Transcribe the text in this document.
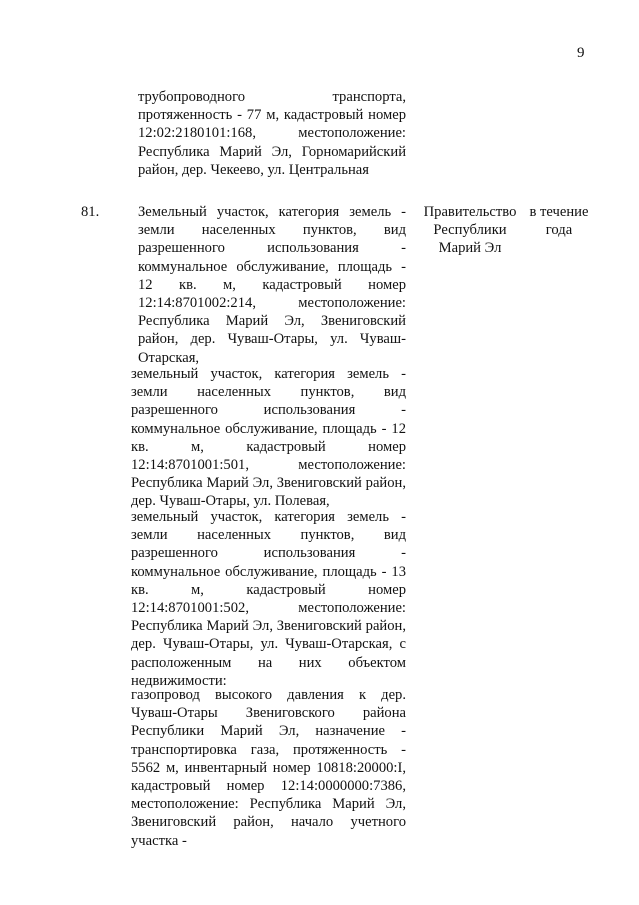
9
трубопроводного транспорта, протяженность - 77 м, кадастровый номер 12:02:2180101:168, местоположение: Республика Марий Эл, Горномарийский район, дер. Чекеево, ул. Центральная
81.	Земельный участок, категория земель - земли населенных пунктов, вид разрешенного использования - коммунальное обслуживание, площадь - 12 кв. м, кадастровый номер 12:14:8701002:214, местоположение: Республика Марий Эл, Звениговский район, дер. Чуваш-Отары, ул. Чуваш-Отарская,
земельный участок, категория земель - земли населенных пунктов, вид разрешенного использования - коммунальное обслуживание, площадь - 12 кв. м, кадастровый номер 12:14:8701001:501, местоположение: Республика Марий Эл, Звениговский район, дер. Чуваш-Отары, ул. Полевая,
земельный участок, категория земель - земли населенных пунктов, вид разрешенного использования - коммунальное обслуживание, площадь - 13 кв. м, кадастровый номер 12:14:8701001:502, местоположение: Республика Марий Эл, Звениговский район, дер. Чуваш-Отары, ул. Чуваш-Отарская, с расположенным на них объектом недвижимости:
газопровод высокого давления к дер. Чуваш-Отары Звениговского района Республики Марий Эл, назначение - транспортировка газа, протяженность - 5562 м, инвентарный номер 10818:20000:I, кадастровый номер 12:14:0000000:7386, местоположение: Республика Марий Эл, Звениговский район, начало учетного участка -
Правительство Республики Марий Эл
в течение года
